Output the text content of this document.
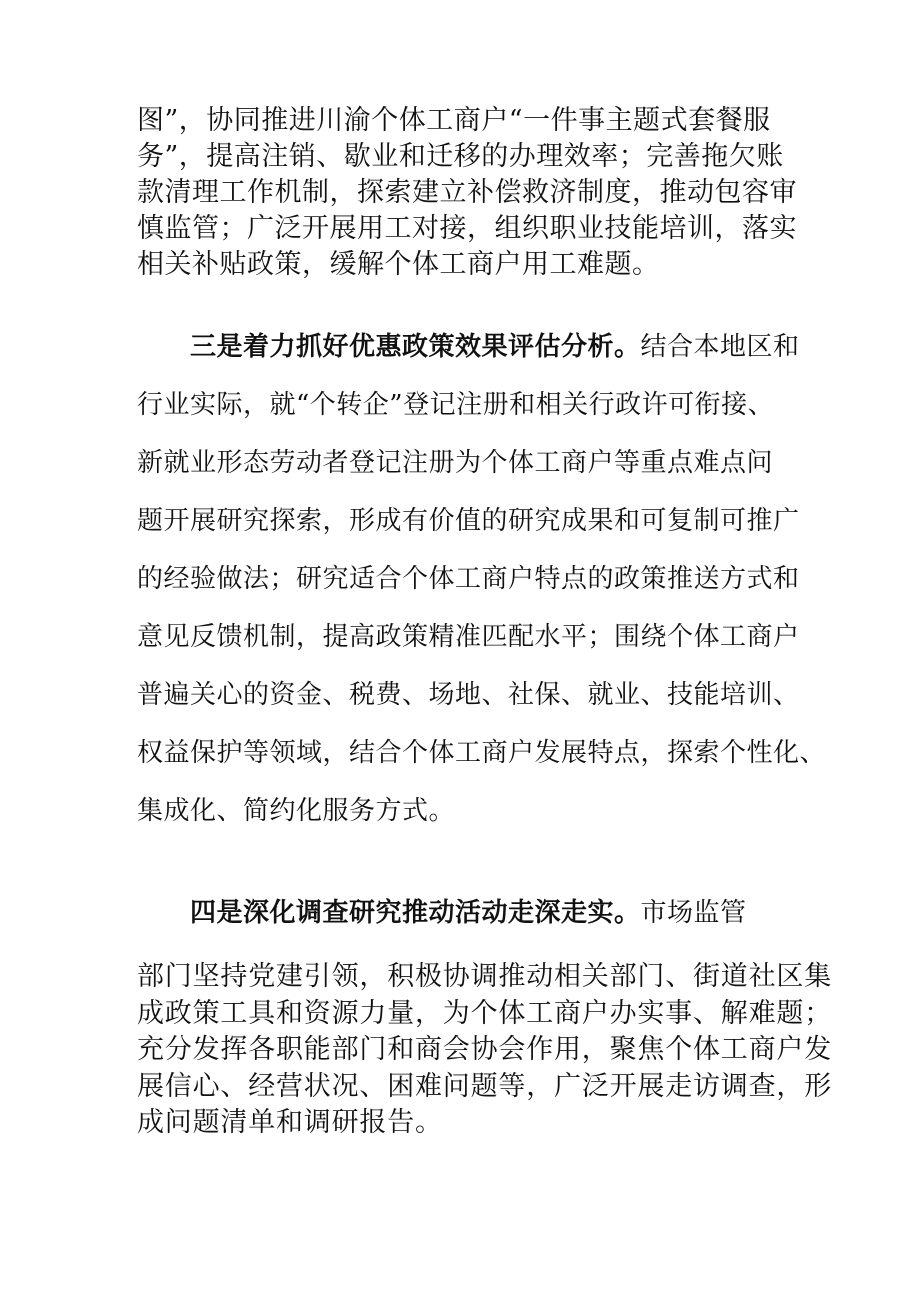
图”，协同推进川渝个体工商户“一件事主题式套餐服
务”，提高注销、歇业和迁移的办理效率；完善拖欠账
款清理工作机制，探索建立补偿救济制度，推动包容审
慎监管；广泛开展用工对接，组织职业技能培训，落实
相关补贴政策，缓解个体工商户用工难题。

　　三是着力抓好优惠政策效果评估分析。结合本地区和
行业实际，就“个转企”登记注册和相关行政许可衔接、
新就业形态劳动者登记注册为个体工商户等重点难点问
题开展研究探索，形成有价值的研究成果和可复制可推广
的经验做法；研究适合个体工商户特点的政策推送方式和
意见反馈机制，提高政策精准匹配水平；围绕个体工商户
普遍关心的资金、税费、场地、社保、就业、技能培训、
权益保护等领域，结合个体工商户发展特点，探索个性化、
集成化、简约化服务方式。

　　四是深化调查研究推动活动走深走实。市场监管

部门坚持党建引领，积极协调推动相关部门、街道社区集
成政策工具和资源力量，为个体工商户办实事、解难题；
充分发挥各职能部门和商会协会作用，聚焦个体工商户发
展信心、经营状况、困难问题等，广泛开展走访调查，形
成问题清单和调研报告。
